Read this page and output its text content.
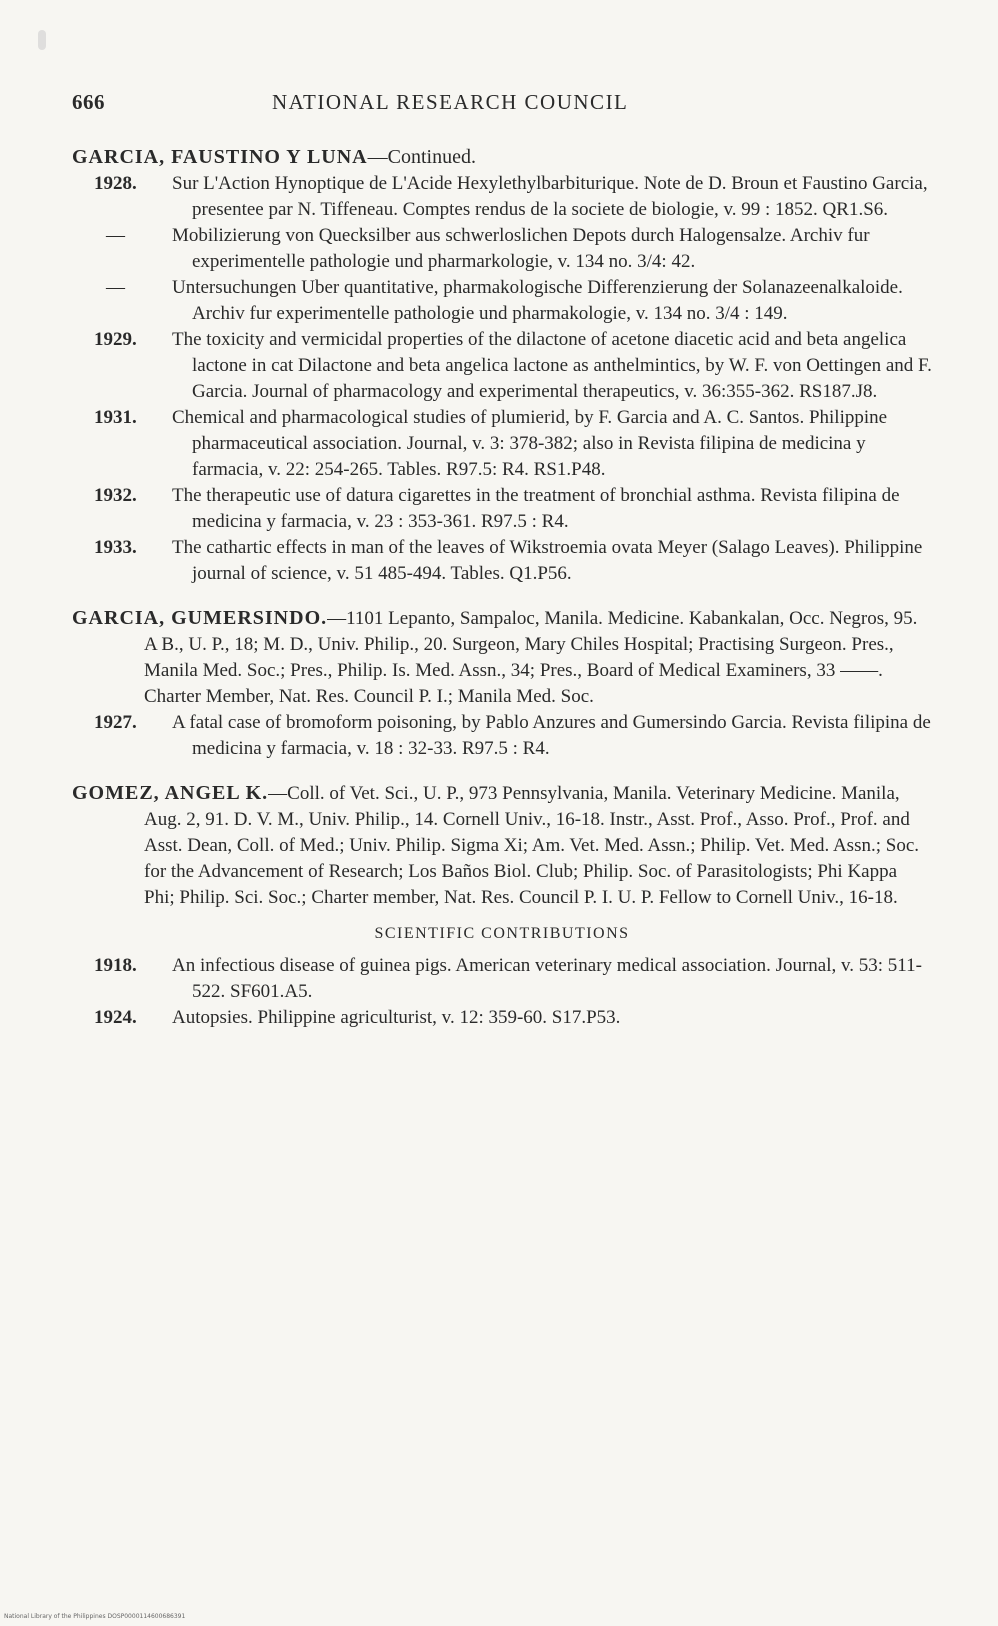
666	NATIONAL RESEARCH COUNCIL

GARCIA, FAUSTINO Y LUNA—Continued.

1928.	Sur L'Action Hynoptique de L'Acide Hexylethylbarbiturique. Note de D. Broun et Faustino Garcia, presentee par N. Tiffeneau. Comptes rendus de la societe de biologie, v. 99 : 1852. QR1.S6.
—	Mobilizierung von Quecksilber aus schwerloslichen Depots durch Halogensalze. Archiv fur experimentelle pathologie und pharmarkologie, v. 134 no. 3/4: 42.
—	Untersuchungen Uber quantitative, pharmakologische Differenzierung der Solanazeenalkaloide. Archiv fur experimentelle pathologie und pharmakologie, v. 134 no. 3/4 : 149.
1929.	The toxicity and vermicidal properties of the dilactone of acetone diacetic acid and beta angelica lactone in cat Dilactone and beta angelica lactone as anthelmintics, by W. F. von Oettingen and F. Garcia. Journal of pharmacology and experimental therapeutics, v. 36:355-362. RS187.J8.
1931.	Chemical and pharmacological studies of plumierid, by F. Garcia and A. C. Santos. Philippine pharmaceutical association. Journal, v. 3: 378-382; also in Revista filipina de medicina y farmacia, v. 22: 254-265. Tables. R97.5: R4. RS1.P48.
1932.	The therapeutic use of datura cigarettes in the treatment of bronchial asthma. Revista filipina de medicina y farmacia, v. 23 : 353-361. R97.5 : R4.
1933.	The cathartic effects in man of the leaves of Wikstroemia ovata Meyer (Salago Leaves). Philippine journal of science, v. 51 485-494. Tables. Q1.P56.

GARCIA, GUMERSINDO.—1101 Lepanto, Sampaloc, Manila. Medicine. Kabankalan, Occ. Negros, 95. A B., U. P., 18; M. D., Univ. Philip., 20. Surgeon, Mary Chiles Hospital; Practising Surgeon. Pres., Manila Med. Soc.; Pres., Philip. Is. Med. Assn., 34; Pres., Board of Medical Examiners, 33 ——. Charter Member, Nat. Res. Council P. I.; Manila Med. Soc.

1927.	A fatal case of bromoform poisoning, by Pablo Anzures and Gumersindo Garcia. Revista filipina de medicina y farmacia, v. 18 : 32-33. R97.5 : R4.

GOMEZ, ANGEL K.—Coll. of Vet. Sci., U. P., 973 Pennsylvania, Manila. Veterinary Medicine. Manila, Aug. 2, 91. D. V. M., Univ. Philip., 14. Cornell Univ., 16-18. Instr., Asst. Prof., Asso. Prof., Prof. and Asst. Dean, Coll. of Med.; Univ. Philip. Sigma Xi; Am. Vet. Med. Assn.; Philip. Vet. Med. Assn.; Soc. for the Advancement of Research; Los Baños Biol. Club; Philip. Soc. of Parasitologists; Phi Kappa Phi; Philip. Sci. Soc.; Charter member, Nat. Res. Council P. I. U. P. Fellow to Cornell Univ., 16-18.

SCIENTIFIC CONTRIBUTIONS

1918.	An infectious disease of guinea pigs. American veterinary medical association. Journal, v. 53: 511-522. SF601.A5.
1924.	Autopsies. Philippine agriculturist, v. 12: 359-60. S17.P53.
National Library of the Philippines DOSP0000114600686391
